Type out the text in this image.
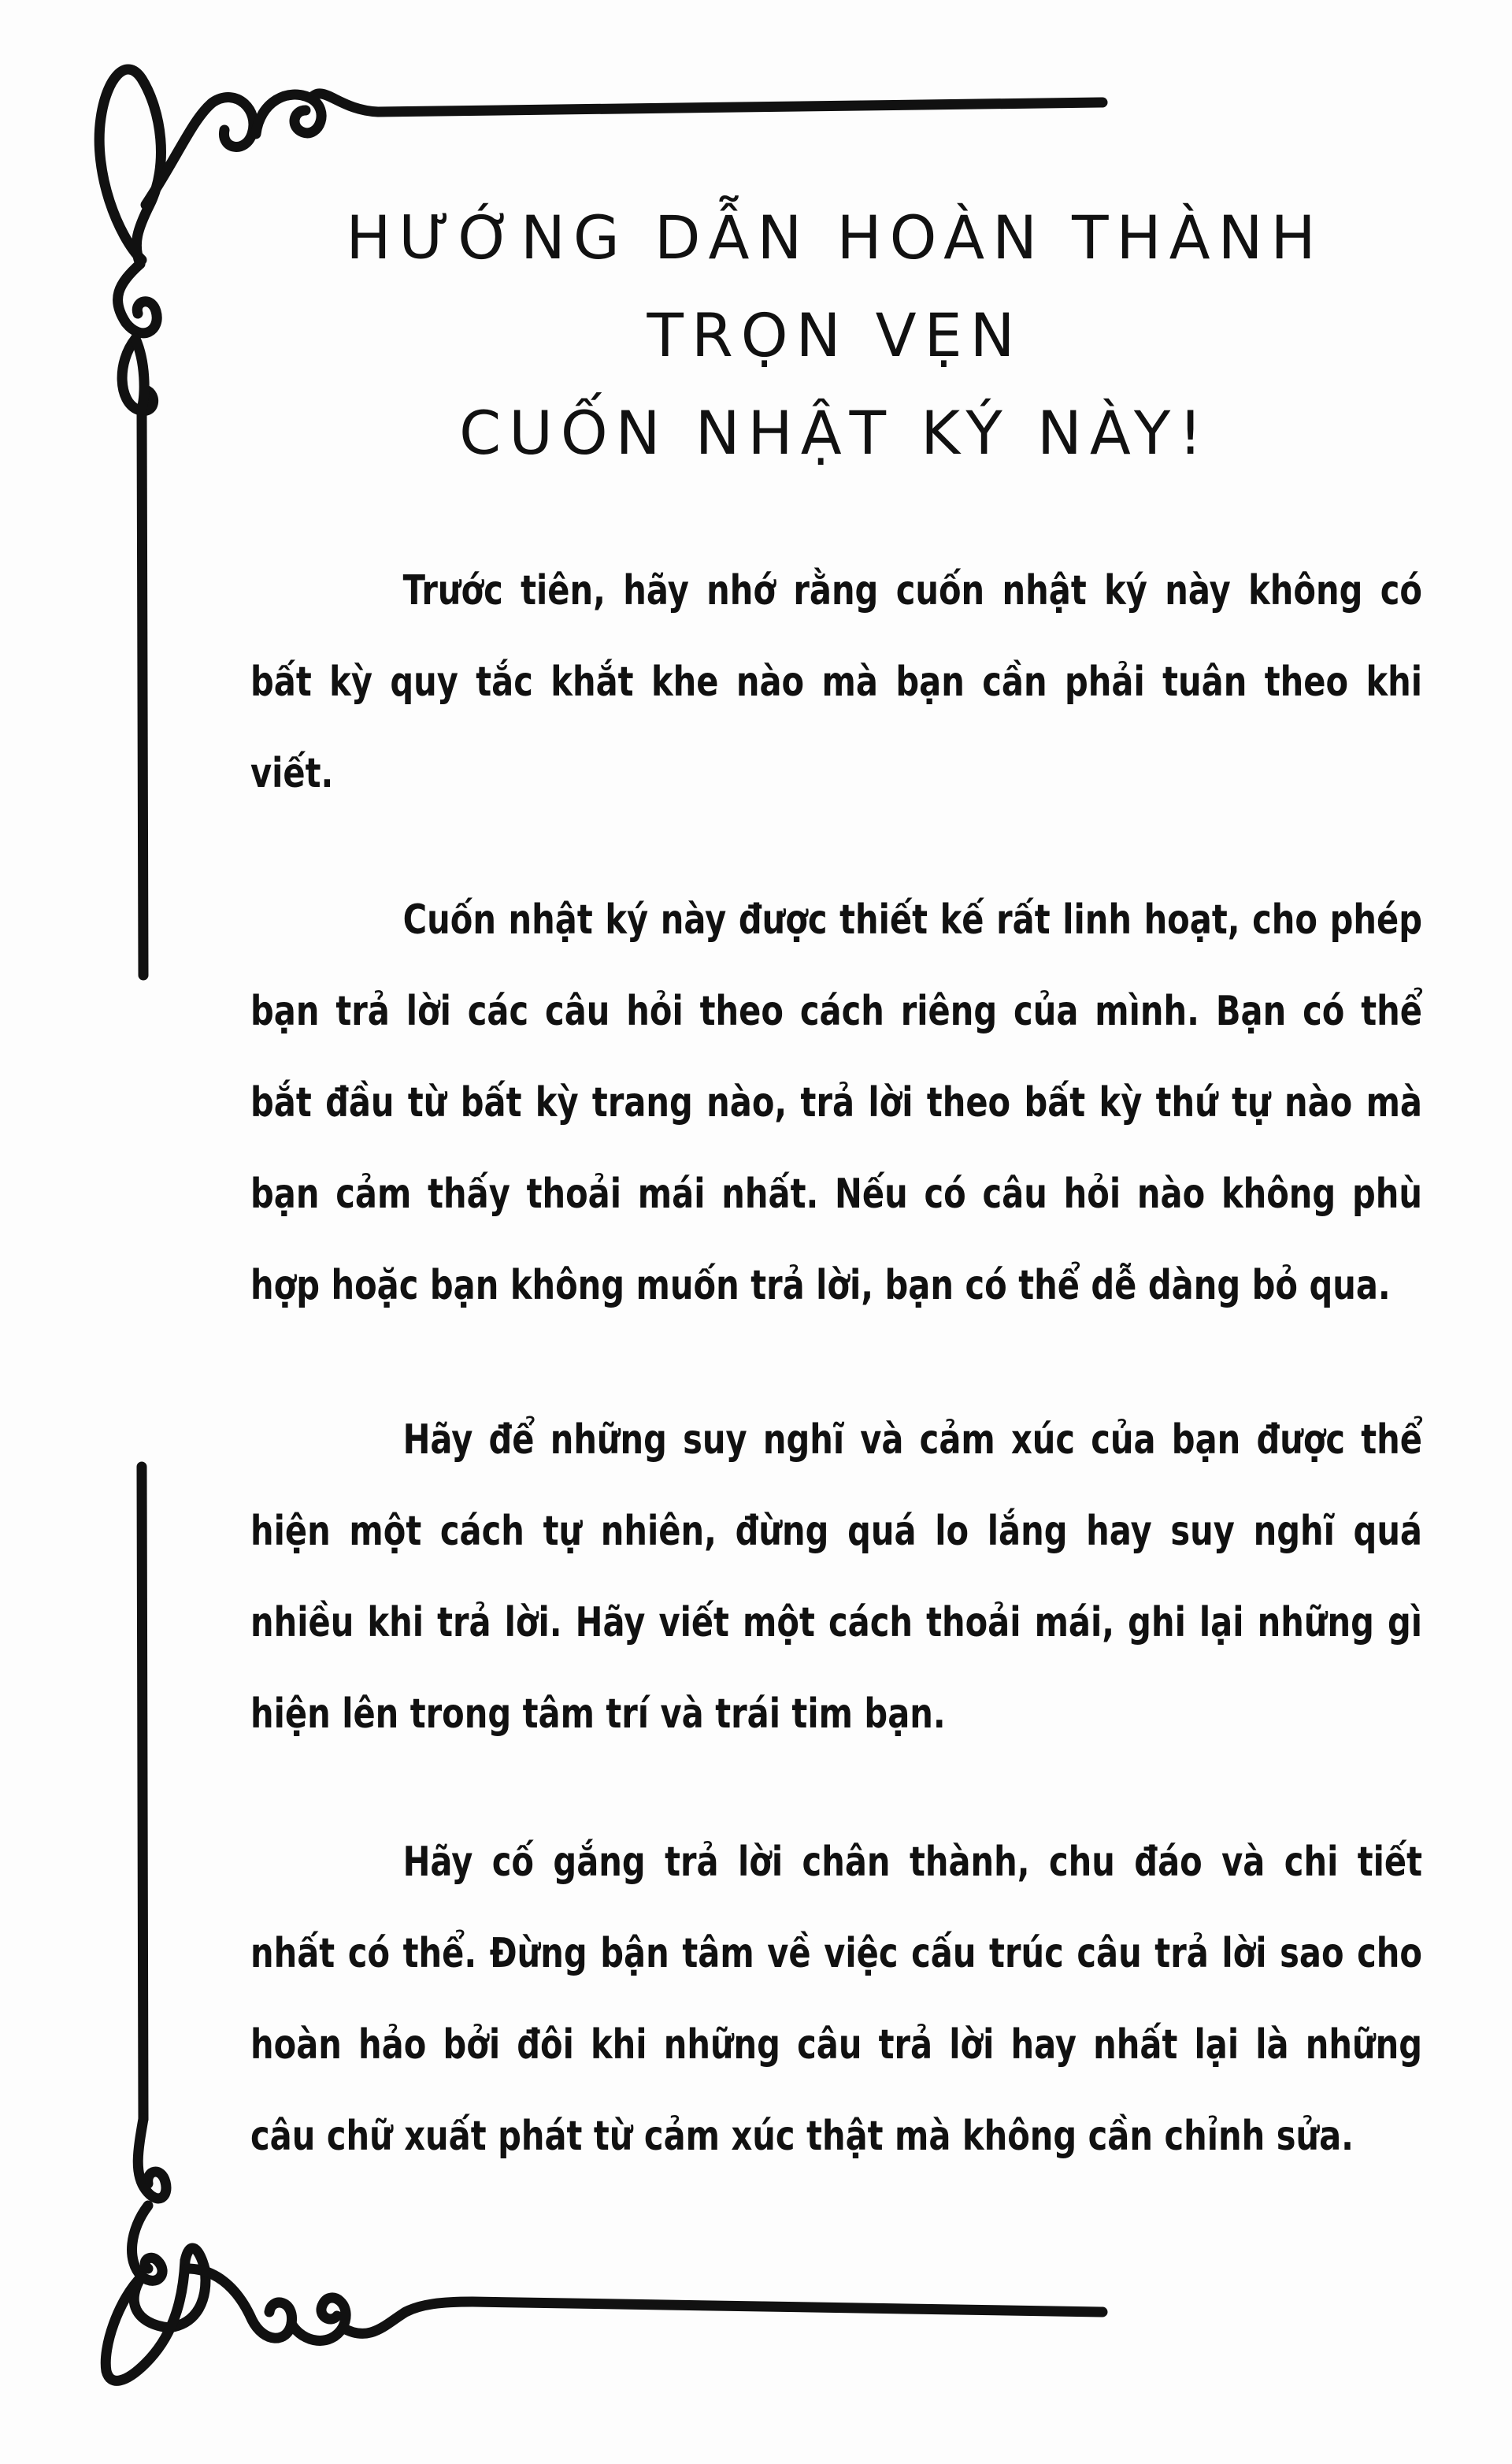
HƯỚNG DẪN HOÀN THÀNH TRỌN VẸN
CUỐN NHẬT KÝ NÀY!

Trước tiên, hãy nhớ rằng cuốn nhật ký này không có bất kỳ quy tắc khắt khe nào mà bạn cần phải tuân theo khi viết.

Cuốn nhật ký này được thiết kế rất linh hoạt, cho phép bạn trả lời các câu hỏi theo cách riêng của mình. Bạn có thể bắt đầu từ bất kỳ trang nào, trả lời theo bất kỳ thứ tự nào mà bạn cảm thấy thoải mái nhất. Nếu có câu hỏi nào không phù hợp hoặc bạn không muốn trả lời, bạn có thể dễ dàng bỏ qua.

Hãy để những suy nghĩ và cảm xúc của bạn được thể hiện một cách tự nhiên, đừng quá lo lắng hay suy nghĩ quá nhiều khi trả lời. Hãy viết một cách thoải mái, ghi lại những gì hiện lên trong tâm trí và trái tim bạn.

Hãy cố gắng trả lời chân thành, chu đáo và chi tiết nhất có thể. Đừng bận tâm về việc cấu trúc câu trả lời sao cho hoàn hảo bởi đôi khi những câu trả lời hay nhất lại là những câu chữ xuất phát từ cảm xúc thật mà không cần chỉnh sửa.
